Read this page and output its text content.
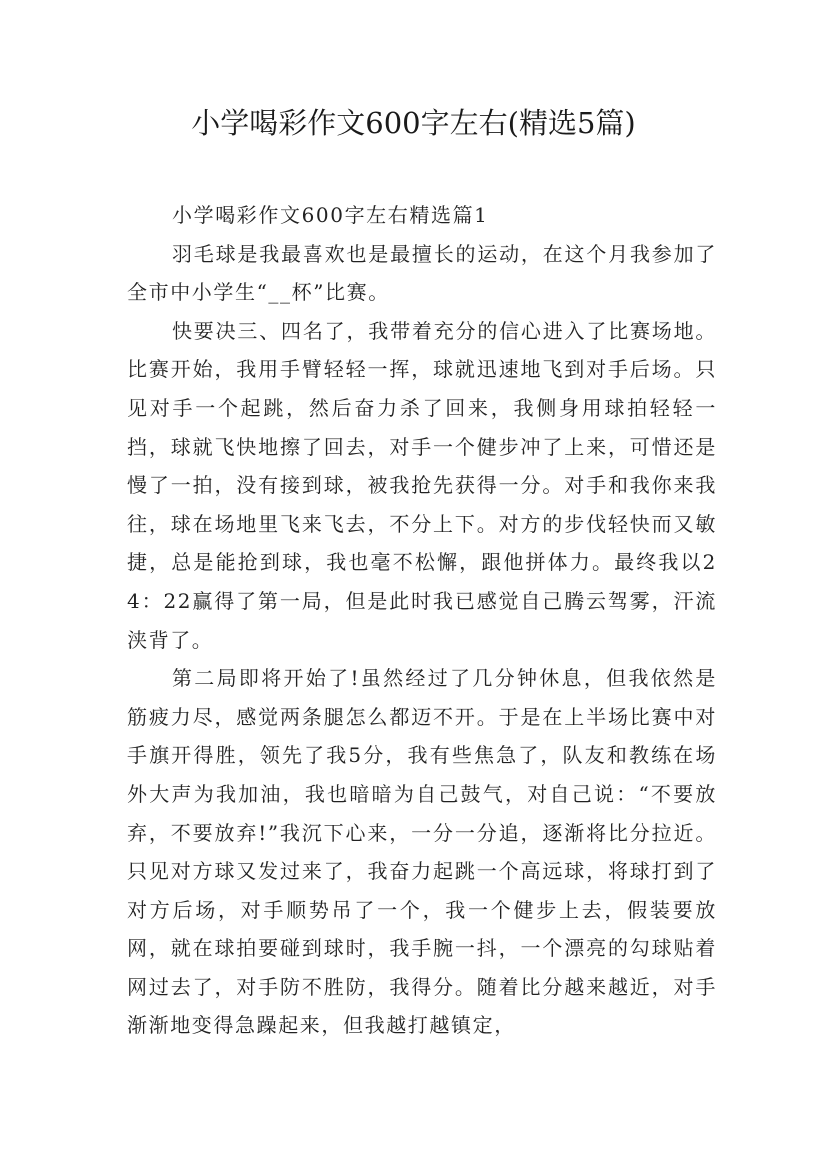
小学喝彩作文600字左右(精选5篇)

小学喝彩作文600字左右精选篇1

羽毛球是我最喜欢也是最擅长的运动，在这个月我参加了全市中小学生“__杯”比赛。

快要决三、四名了，我带着充分的信心进入了比赛场地。比赛开始，我用手臂轻轻一挥，球就迅速地飞到对手后场。只见对手一个起跳，然后奋力杀了回来，我侧身用球拍轻轻一挡，球就飞快地擦了回去，对手一个健步冲了上来，可惜还是慢了一拍，没有接到球，被我抢先获得一分。对手和我你来我往，球在场地里飞来飞去，不分上下。对方的步伐轻快而又敏捷，总是能抢到球，我也毫不松懈，跟他拼体力。最终我以24：22赢得了第一局，但是此时我已感觉自己腾云驾雾，汗流浃背了。

第二局即将开始了!虽然经过了几分钟休息，但我依然是筋疲力尽，感觉两条腿怎么都迈不开。于是在上半场比赛中对手旗开得胜，领先了我5分，我有些焦急了，队友和教练在场外大声为我加油，我也暗暗为自己鼓气，对自己说：“不要放弃，不要放弃!”我沉下心来，一分一分追，逐渐将比分拉近。只见对方球又发过来了，我奋力起跳一个高远球，将球打到了对方后场，对手顺势吊了一个，我一个健步上去，假装要放网，就在球拍要碰到球时，我手腕一抖，一个漂亮的勾球贴着网过去了，对手防不胜防，我得分。随着比分越来越近，对手渐渐地变得急躁起来，但我越打越镇定，
